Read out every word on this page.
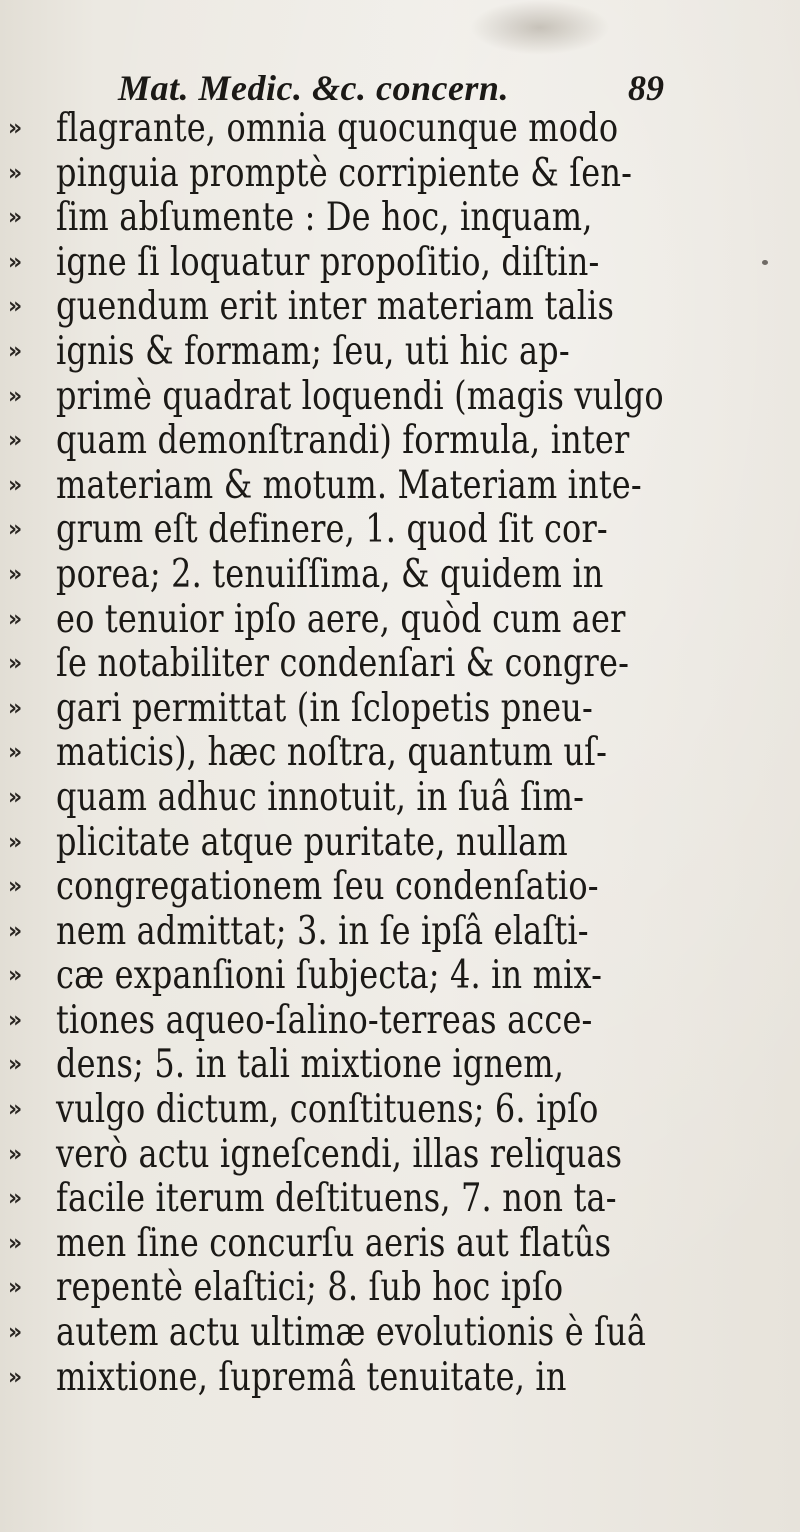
Mat. Medic. &c. concern.	89
» flagrante, omnia quocunque modo
» pinguia promptè corripiente & ſen-
» ſim abſumente : De hoc, inquam,
» igne ſi loquatur propoſitio, diſtin-
» guendum erit inter materiam talis
» ignis & formam; ſeu, uti hic ap-
» primè quadrat loquendi (magis vulgo
» quam demonſtrandi) formula, inter
» materiam & motum. Materiam inte-
» grum eſt definere, 1. quod ſit cor-
» porea; 2. tenuiſſima, & quidem in
» eo tenuior ipſo aere, quòd cum aer
» ſe notabiliter condenſari & congre-
» gari permittat (in ſclopetis pneu-
» maticis), hæc noſtra, quantum uſ-
» quam adhuc innotuit, in ſuâ ſim-
» plicitate atque puritate, nullam
» congregationem ſeu condenſatio-
» nem admittat; 3. in ſe ipſâ elaſti-
» cæ expanſioni ſubjecta; 4. in mix-
» tiones aqueo-ſalino-terreas acce-
» dens; 5. in tali mixtione ignem,
» vulgo dictum, conſtituens; 6. ipſo
» verò actu igneſcendi, illas reliquas
» facile iterum deſtituens, 7. non ta-
» men ſine concurſu aeris aut flatûs
» repentè elaſtici; 8. ſub hoc ipſo
» autem actu ultimæ evolutionis è ſuâ
» mixtione, ſupremâ tenuitate, in
